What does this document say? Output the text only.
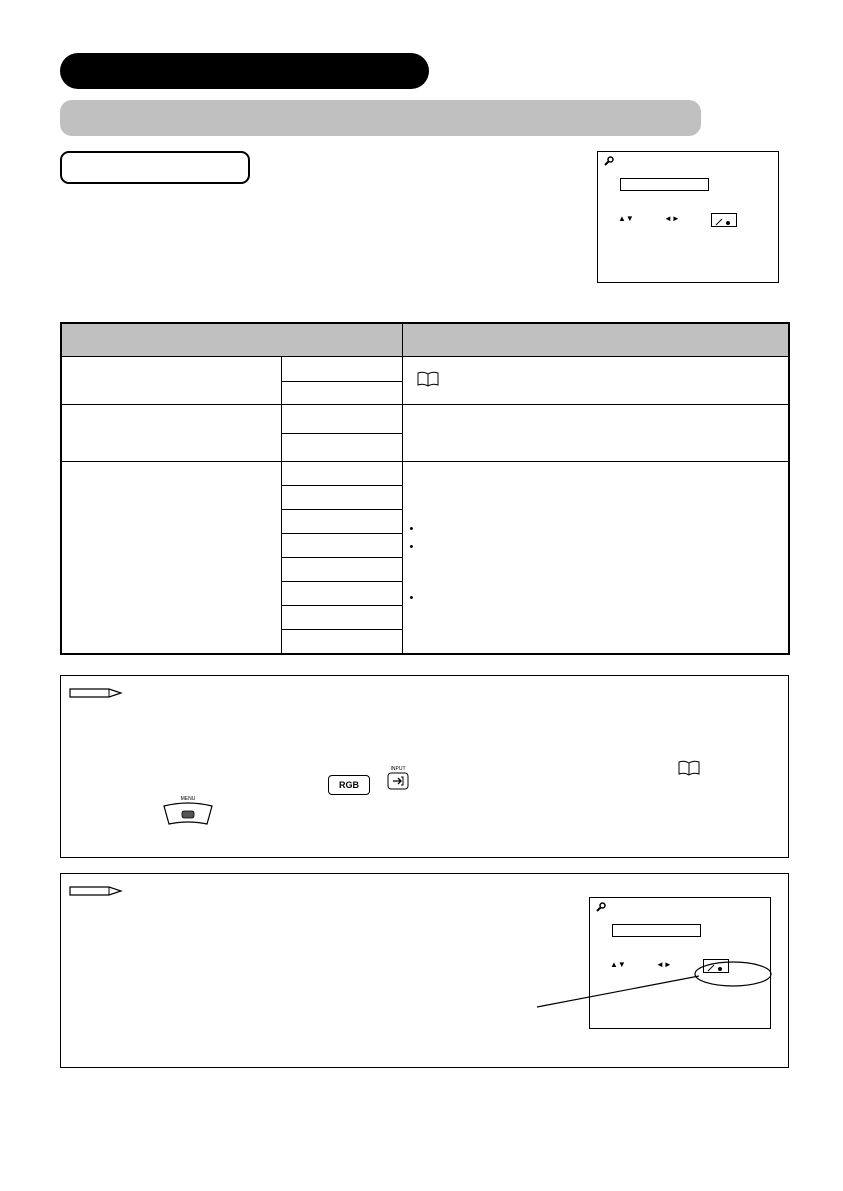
▲▼	◄►

		•
•
•

RGB
INPUT
MENU
▲▼	◄►
